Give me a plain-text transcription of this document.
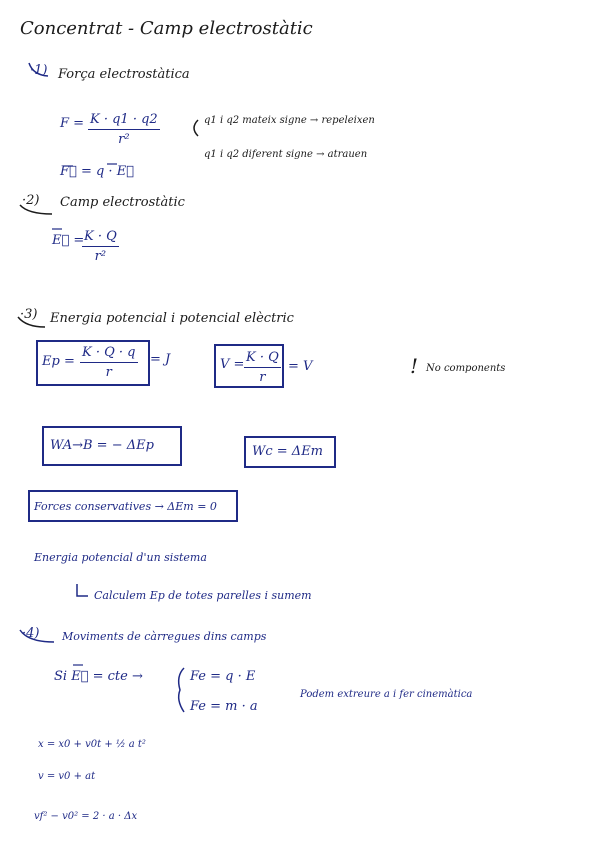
Concentrat - Camp electrostàtic
·1) Força electrostàtica
$F = \frac{K \cdot q1 \cdot q2}{\text{r²}}$
F⃗ = q · E⃗
q1 i q2 mateix signe → repeleixen
q1 i q2 diferent signe → atrauen
·2) Camp electrostàtic
E⃗ =
$\frac{K \cdot Q}{\text{r²}}$
·3) Energia potencial i potencial elèctric
$Ep = \frac{K \cdot Q \cdot q}{r} = J$	$V = \frac{K \cdot Q}{r} = V$	! No components
WA→B = − ΔEp	Wc = ΔEm
Forces conservatives → ΔEm = 0
Energia potencial d'un sistema
Calculem Ep de totes parelles i sumem
·4) Moviments de càrregues dins camps
Si E⃗ = cte →	Fe = q · E
Fe = m · a
Podem extreure a i fer cinemàtica
x = x0 + v0t + ½ a t²
v = v0 + at
vf² − v0² = 2 · a · Δx
